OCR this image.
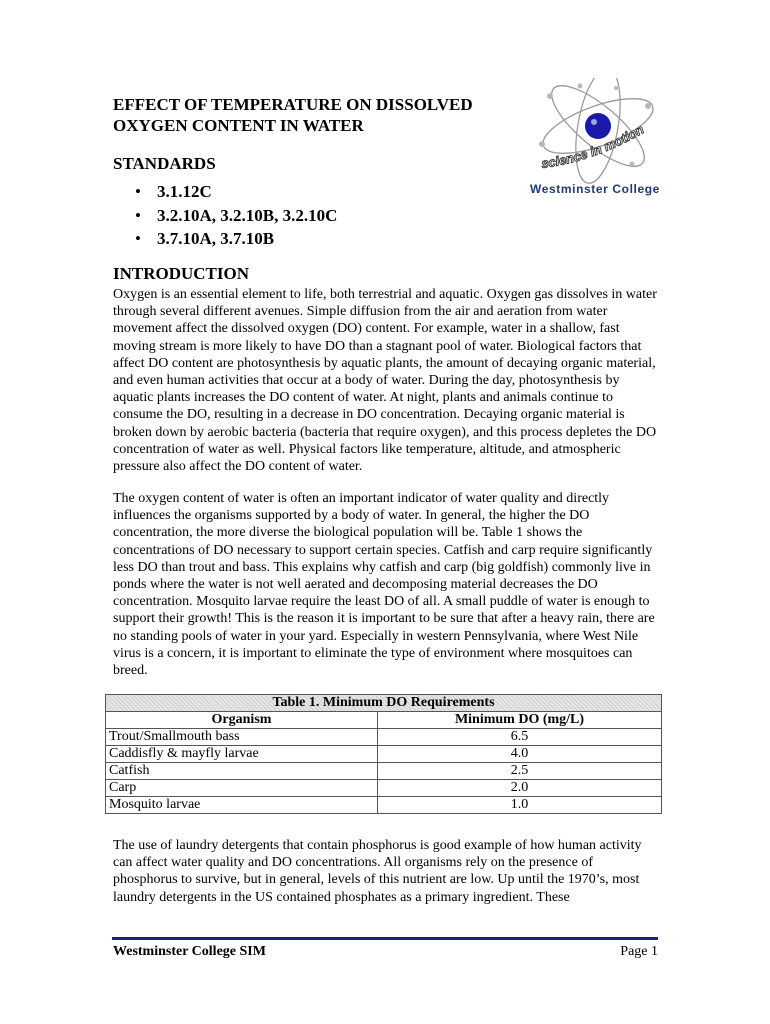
EFFECT OF TEMPERATURE ON DISSOLVED
OXYGEN CONTENT IN WATER
science in motion
Westminster College
STANDARDS
• 3.1.12C
• 3.2.10A, 3.2.10B, 3.2.10C
• 3.7.10A, 3.7.10B
INTRODUCTION

Oxygen is an essential element to life, both terrestrial and aquatic. Oxygen gas dissolves in water through several different avenues. Simple diffusion from the air and aeration from water movement affect the dissolved oxygen (DO) content. For example, water in a shallow, fast moving stream is more likely to have DO than a stagnant pool of water. Biological factors that affect DO content are photosynthesis by aquatic plants, the amount of decaying organic material, and even human activities that occur at a body of water. During the day, photosynthesis by aquatic plants increases the DO content of water. At night, plants and animals continue to consume the DO, resulting in a decrease in DO concentration. Decaying organic material is broken down by aerobic bacteria (bacteria that require oxygen), and this process depletes the DO concentration of water as well. Physical factors like temperature, altitude, and atmospheric pressure also affect the DO content of water.

The oxygen content of water is often an important indicator of water quality and directly influences the organisms supported by a body of water. In general, the higher the DO concentration, the more diverse the biological population will be. Table 1 shows the concentrations of DO necessary to support certain species. Catfish and carp require significantly less DO than trout and bass. This explains why catfish and carp (big goldfish) commonly live in ponds where the water is not well aerated and decomposing material decreases the DO concentration. Mosquito larvae require the least DO of all. A small puddle of water is enough to support their growth! This is the reason it is important to be sure that after a heavy rain, there are no standing pools of water in your yard. Especially in western Pennsylvania, where West Nile virus is a concern, it is important to eliminate the type of environment where mosquitoes can breed.

Table 1. Minimum DO Requirements	
Organism	Minimum DO (mg/L)
Trout/Smallmouth bass	6.5
Caddisfly & mayfly larvae	4.0
Catfish	2.5
Carp	2.0
Mosquito larvae	1.0

The use of laundry detergents that contain phosphorus is good example of how human activity can affect water quality and DO concentrations. All organisms rely on the presence of phosphorus to survive, but in general, levels of this nutrient are low. Up until the 1970’s, most laundry detergents in the US contained phosphates as a primary ingredient. These

Westminster College SIM	Page 1
